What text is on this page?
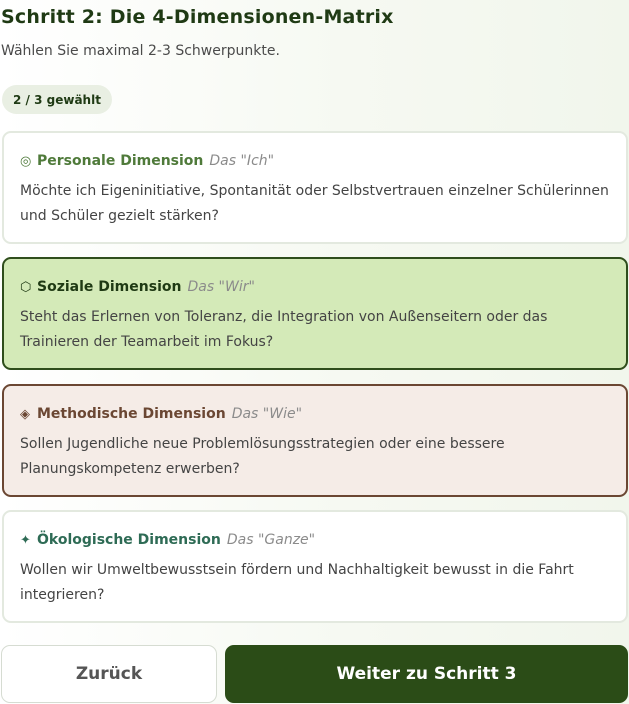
Schritt 2: Die 4-Dimensionen-Matrix

Wählen Sie maximal 2-3 Schwerpunkte.

2 / 3 gewählt
◎ Personale Dimension Das "Ich"
Möchte ich Eigeninitiative, Spontanität oder Selbstvertrauen einzelner Schülerinnen und Schüler gezielt stärken?
⬡ Soziale Dimension Das "Wir"
Steht das Erlernen von Toleranz, die Integration von Außenseitern oder das Trainieren der Teamarbeit im Fokus?
◈ Methodische Dimension Das "Wie"
Sollen Jugendliche neue Problemlösungsstrategien oder eine bessere Planungskompetenz erwerben?
✦ Ökologische Dimension Das "Ganze"
Wollen wir Umweltbewusstsein fördern und Nachhaltigkeit bewusst in die Fahrt integrieren?
Zurück	Weiter zu Schritt 3
